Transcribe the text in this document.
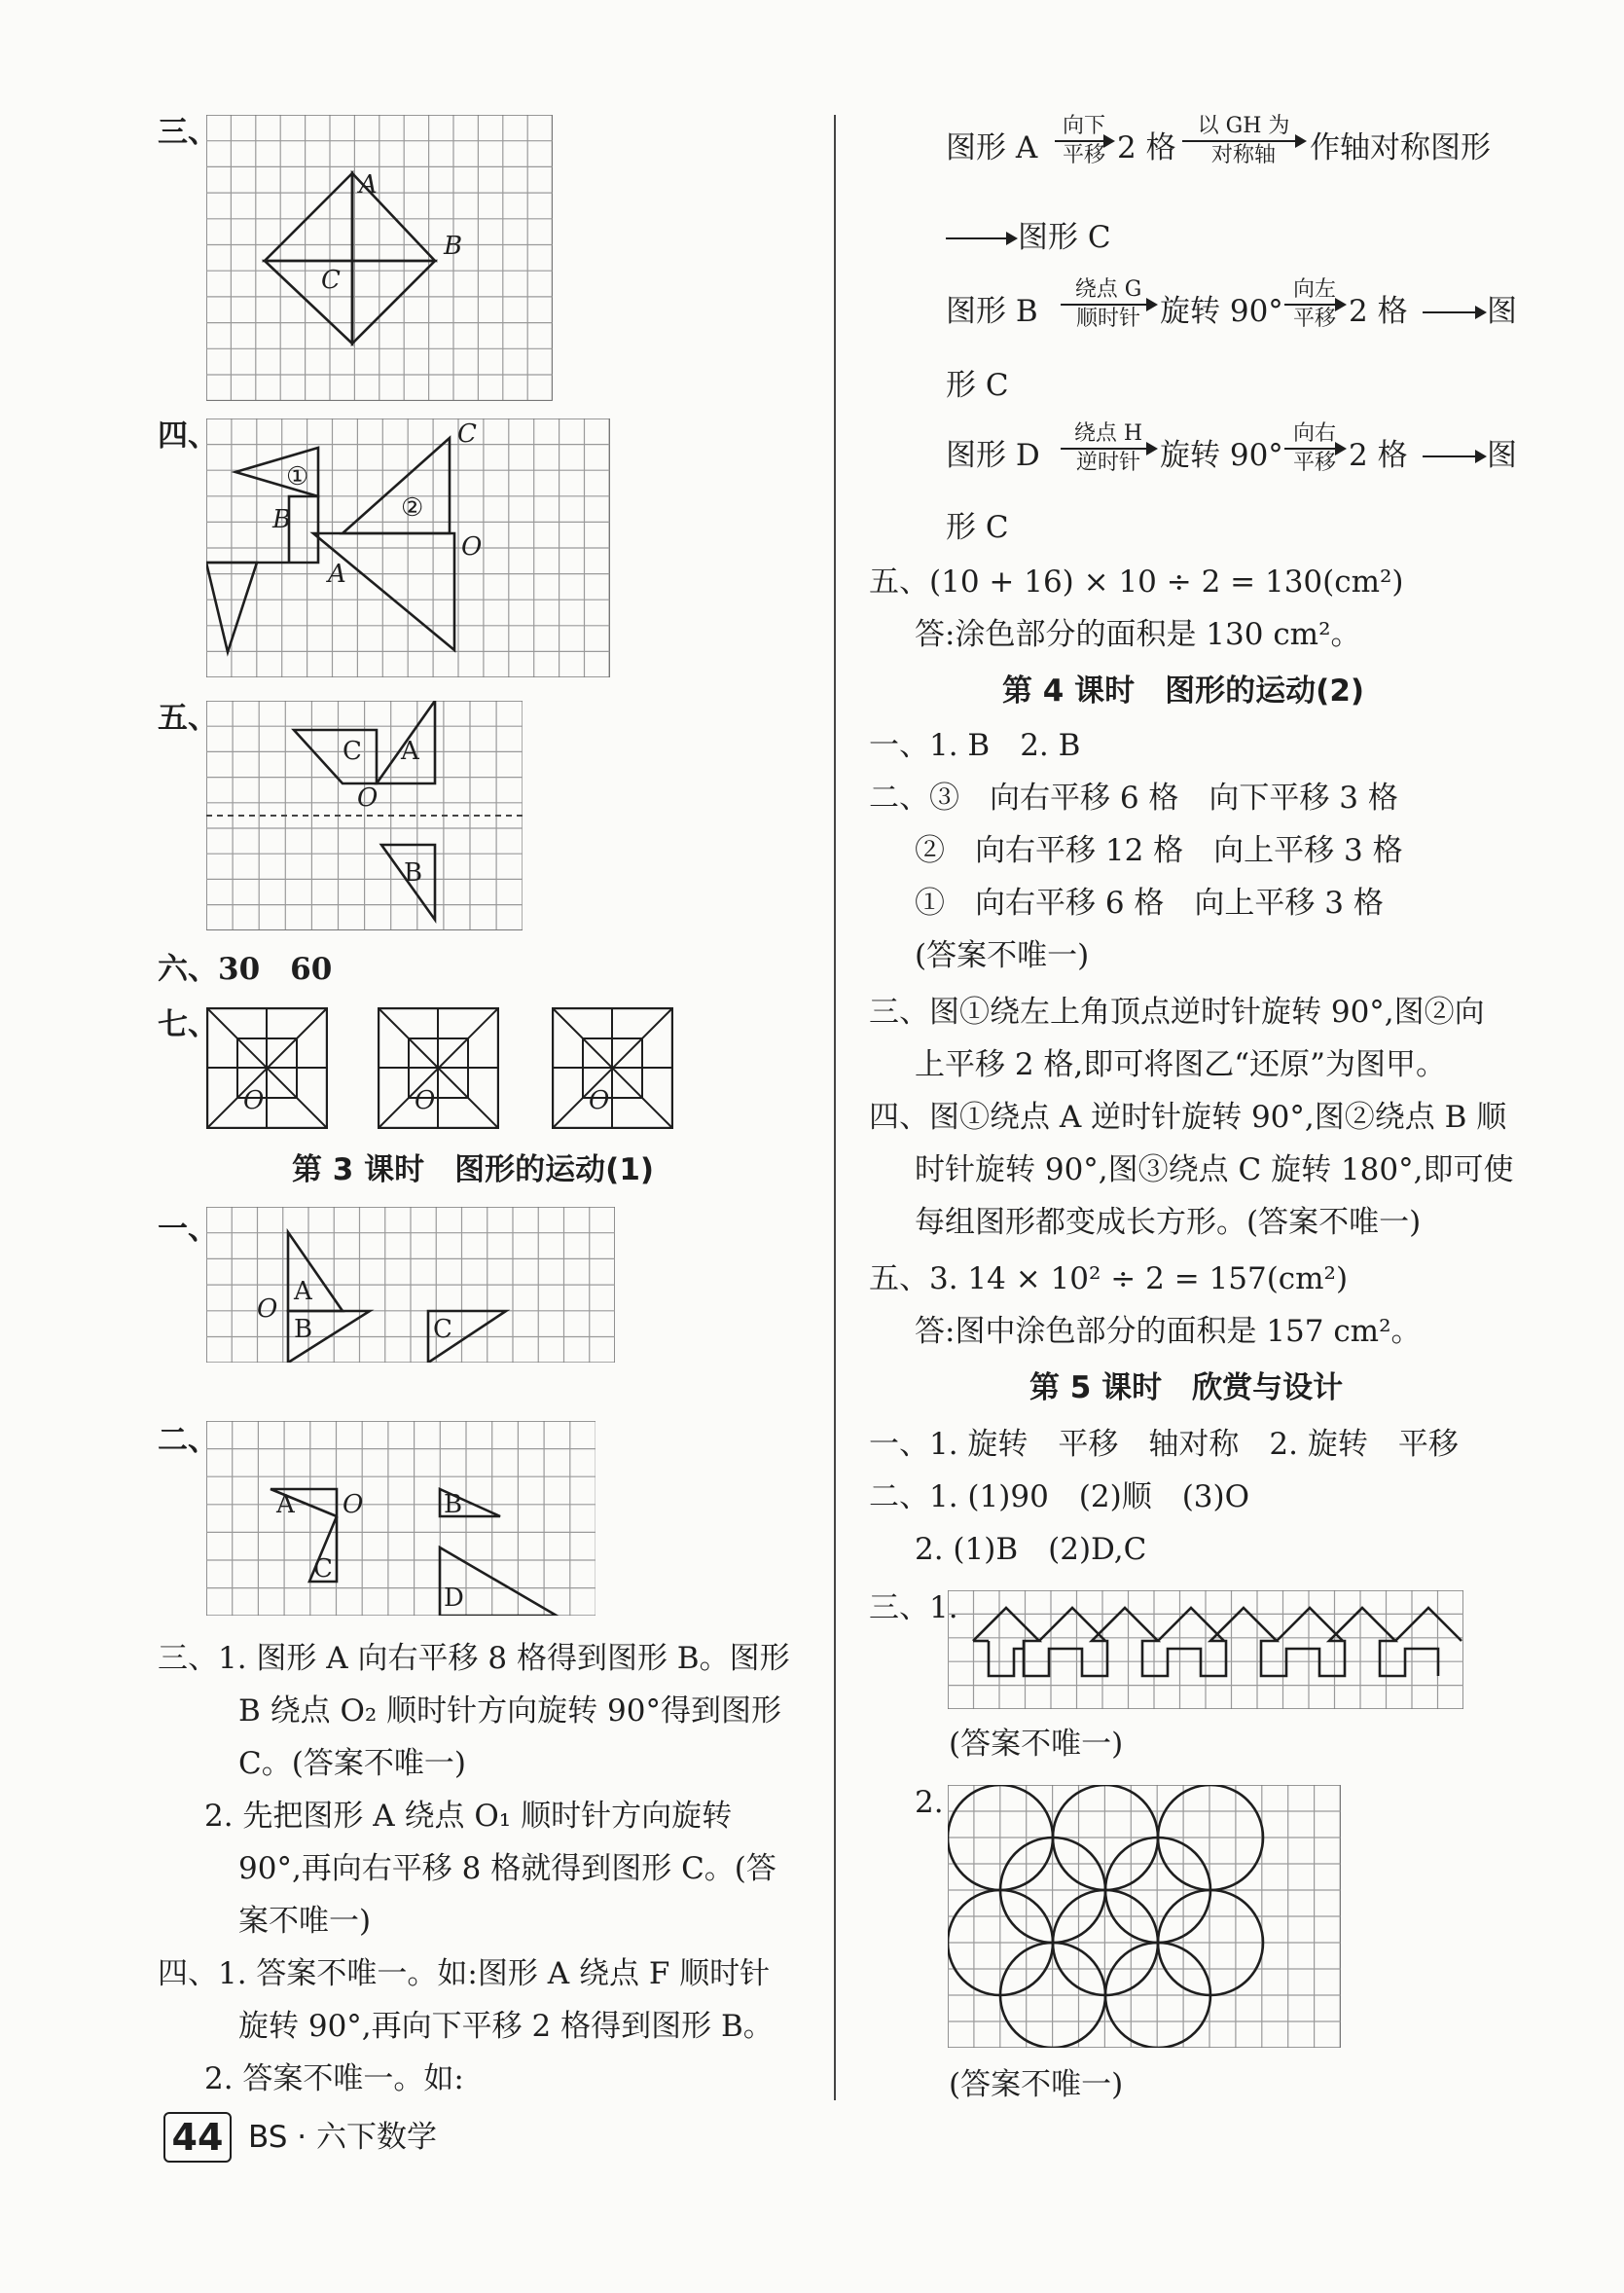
三、
A
B
C
四、
①
②
A
B
C
O
五、
C A
O
B
六、30　60
七、
O	O	O
第 3 课时　图形的运动(1)
一、
A
B
O
C
二、
A O
C
B
D
三、1. 图形 A 向右平移 8 格得到图形 B。图形
B 绕点 O₂ 顺时针方向旋转 90°得到图形
C。(答案不唯一)
2. 先把图形 A 绕点 O₁ 顺时针方向旋转
90°,再向右平移 8 格就得到图形 C。(答
案不唯一)
四、1. 答案不唯一。如:图形 A 绕点 F 顺时针
旋转 90°,再向下平移 2 格得到图形 B。
2. 答案不唯一。如:
图形 A
向下
平移 2 格
以 GH 为
对称轴 作轴对称图形
图形 C
图形 B
绕点 G
顺时针 旋转 90°
向左
平移 2 格	图
形 C
图形 D
绕点 H
逆时针 旋转 90°
向右
平移 2 格	图
形 C
五、(10 + 16) × 10 ÷ 2 = 130(cm²)
答:涂色部分的面积是 130 cm²。
第 4 课时　图形的运动(2)
一、1. B　2. B
二、③　向右平移 6 格　向下平移 3 格
②　向右平移 12 格　向上平移 3 格
①　向右平移 6 格　向上平移 3 格
(答案不唯一)
三、图①绕左上角顶点逆时针旋转 90°,图②向
上平移 2 格,即可将图乙“还原”为图甲。
四、图①绕点 A 逆时针旋转 90°,图②绕点 B 顺
时针旋转 90°,图③绕点 C 旋转 180°,即可使
每组图形都变成长方形。(答案不唯一)
五、3. 14 × 10² ÷ 2 = 157(cm²)
答:图中涂色部分的面积是 157 cm²。
第 5 课时　欣赏与设计
一、1. 旋转　平移　轴对称　2. 旋转　平移
二、1. (1)90　(2)顺　(3)O
2. (1)B　(2)D,C
三、1.
(答案不唯一)
2.
(答案不唯一)
44 BS · 六下数学
